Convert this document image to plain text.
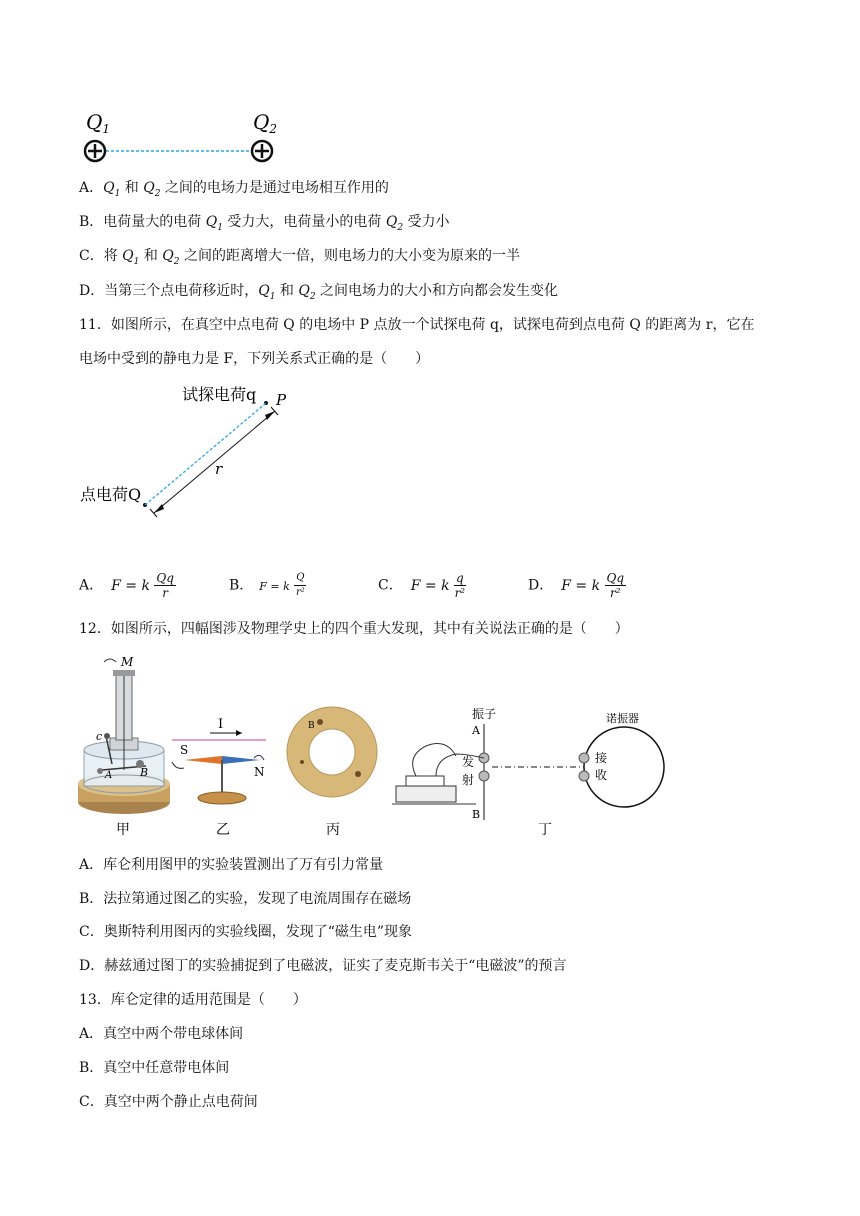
$Q_1$	$Q_2$
A．$Q_1$ 和 $Q_2$ 之间的电场力是通过电场相互作用的
B．电荷量大的电荷 $Q_1$ 受力大，电荷量小的电荷 $Q_2$ 受力小
C．将 $Q_1$ 和 $Q_2$ 之间的距离增大一倍，则电场力的大小变为原来的一半
D．当第三个点电荷移近时，$Q_1$ 和 $Q_2$ 之间电场力的大小和方向都会发生变化
11．如图所示，在真空中点电荷 Q 的电场中 P 点放一个试探电荷 q，试探电荷到点电荷 Q 的距离为 r，它在
电场中受到的静电力是 F，下列关系式正确的是（　　）
试探电荷q P
r
点电荷Q
A． F = k $\frac{Qq}{r}$	B． F = k $\frac{Q}{\text{r²}}$	C． F = k $\frac{q}{\text{r²}}$	D． F = k $\frac{Qq}{\text{r²}}$
12．如图所示，四幅图涉及物理学史上的四个重大发现，其中有关说法正确的是（　　）
M
c
A	B
I
S
N
B
振子
A
B
发
射
诺振器
接
收
甲	乙	丙	丁
A．库仑利用图甲的实验装置测出了万有引力常量
B．法拉第通过图乙的实验，发现了电流周围存在磁场
C．奥斯特利用图丙的实验线圈，发现了“磁生电”现象
D．赫兹通过图丁的实验捕捉到了电磁波，证实了麦克斯韦关于“电磁波”的预言
13．库仑定律的适用范围是（　　）
A．真空中两个带电球体间
B．真空中任意带电体间
C．真空中两个静止点电荷间
